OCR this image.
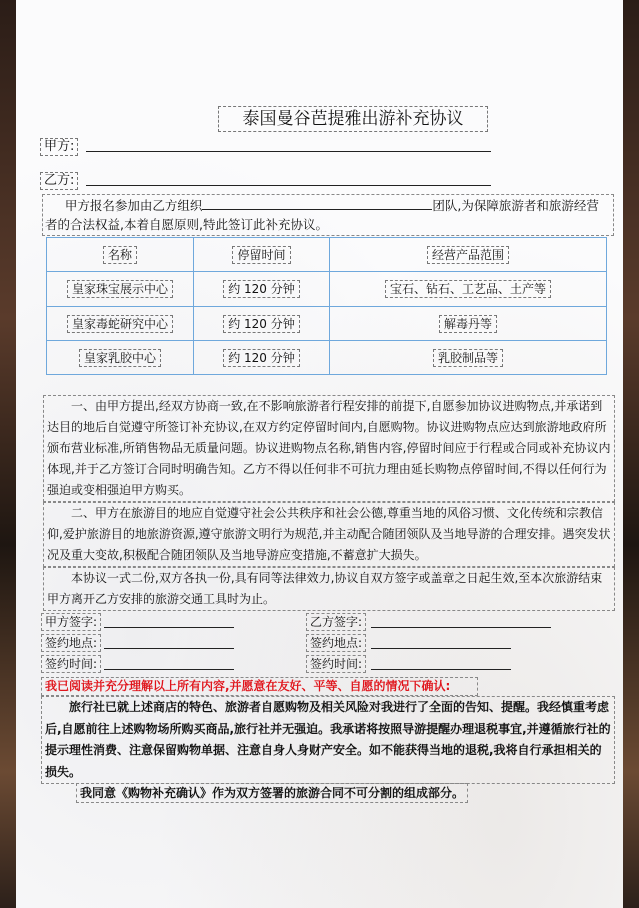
泰国曼谷芭提雅出游补充协议
甲方:
乙方:
甲方报名参加由乙方组织	团队,为保障旅游者和旅游经营者的合法权益,本着自愿原则,特此签订此补充协议。
名称	停留时间	经营产品范围
皇家珠宝展示中心	约 120 分钟	宝石、钻石、工艺品、土产等
皇家毒蛇研究中心	约 120 分钟	解毒丹等
皇家乳胶中心	约 120 分钟	乳胶制品等
一、由甲方提出,经双方协商一致,在不影响旅游者行程安排的前提下,自愿参加协议进购物点,并承诺到达目的地后自觉遵守所签订补充协议,在双方约定停留时间内,自愿购物。协议进购物点应达到旅游地政府所颁布营业标准,所销售物品无质量问题。协议进购物点名称,销售内容,停留时间应于行程或合同或补充协议内体现,并于乙方签订合同时明确告知。乙方不得以任何非不可抗力理由延长购物点停留时间,不得以任何行为强迫或变相强迫甲方购买。
二、甲方在旅游目的地应自觉遵守社会公共秩序和社会公德,尊重当地的风俗习惯、文化传统和宗教信仰,爱护旅游目的地旅游资源,遵守旅游文明行为规范,并主动配合随团领队及当地导游的合理安排。遇突发状况及重大变故,积极配合随团领队及当地导游应变措施,不蓄意扩大损失。
本协议一式二份,双方各执一份,具有同等法律效力,协议自双方签字或盖章之日起生效,至本次旅游结束甲方离开乙方安排的旅游交通工具时为止。
甲方签字:
签约地点:
签约时间:
乙方签字:
签约地点:
签约时间:
我已阅读并充分理解以上所有内容,并愿意在友好、平等、自愿的情况下确认:
旅行社已就上述商店的特色、旅游者自愿购物及相关风险对我进行了全面的告知、提醒。我经慎重考虑后,自愿前往上述购物场所购买商品,旅行社并无强迫。我承诺将按照导游提醒办理退税事宜,并遵循旅行社的提示理性消费、注意保留购物单据、注意自身人身财产安全。如不能获得当地的退税,我将自行承担相关的损失。
我同意《购物补充确认》作为双方签署的旅游合同不可分割的组成部分。
